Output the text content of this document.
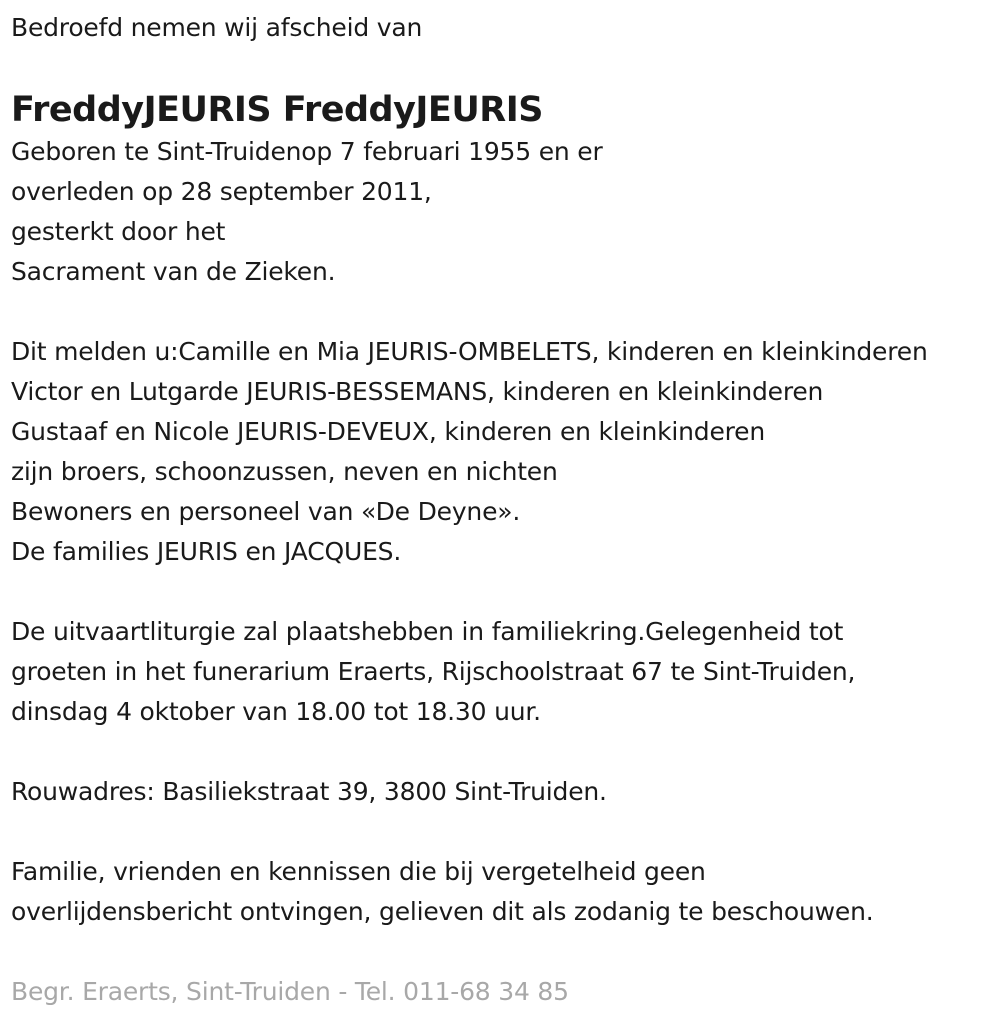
Bedroefd nemen wij afscheid van
FreddyJEURIS FreddyJEURIS
Geboren te Sint-Truidenop 7 februari 1955 en er
overleden op 28 september 2011,
gesterkt door het
Sacrament van de Zieken.
Dit melden u:Camille en Mia JEURIS-OMBELETS, kinderen en kleinkinderen
Victor en Lutgarde JEURIS-BESSEMANS, kinderen en kleinkinderen
Gustaaf en Nicole JEURIS-DEVEUX, kinderen en kleinkinderen
zijn broers, schoonzussen, neven en nichten
Bewoners en personeel van «De Deyne».
De families JEURIS en JACQUES.
De uitvaartliturgie zal plaatshebben in familiekring.Gelegenheid tot
groeten in het funerarium Eraerts, Rijschoolstraat 67 te Sint-Truiden,
dinsdag 4 oktober van 18.00 tot 18.30 uur.
Rouwadres: Basiliekstraat 39, 3800 Sint-Truiden.
Familie, vrienden en kennissen die bij vergetelheid geen
overlijdensbericht ontvingen, gelieven dit als zodanig te beschouwen.
Begr. Eraerts, Sint-Truiden - Tel. 011-68 34 85
